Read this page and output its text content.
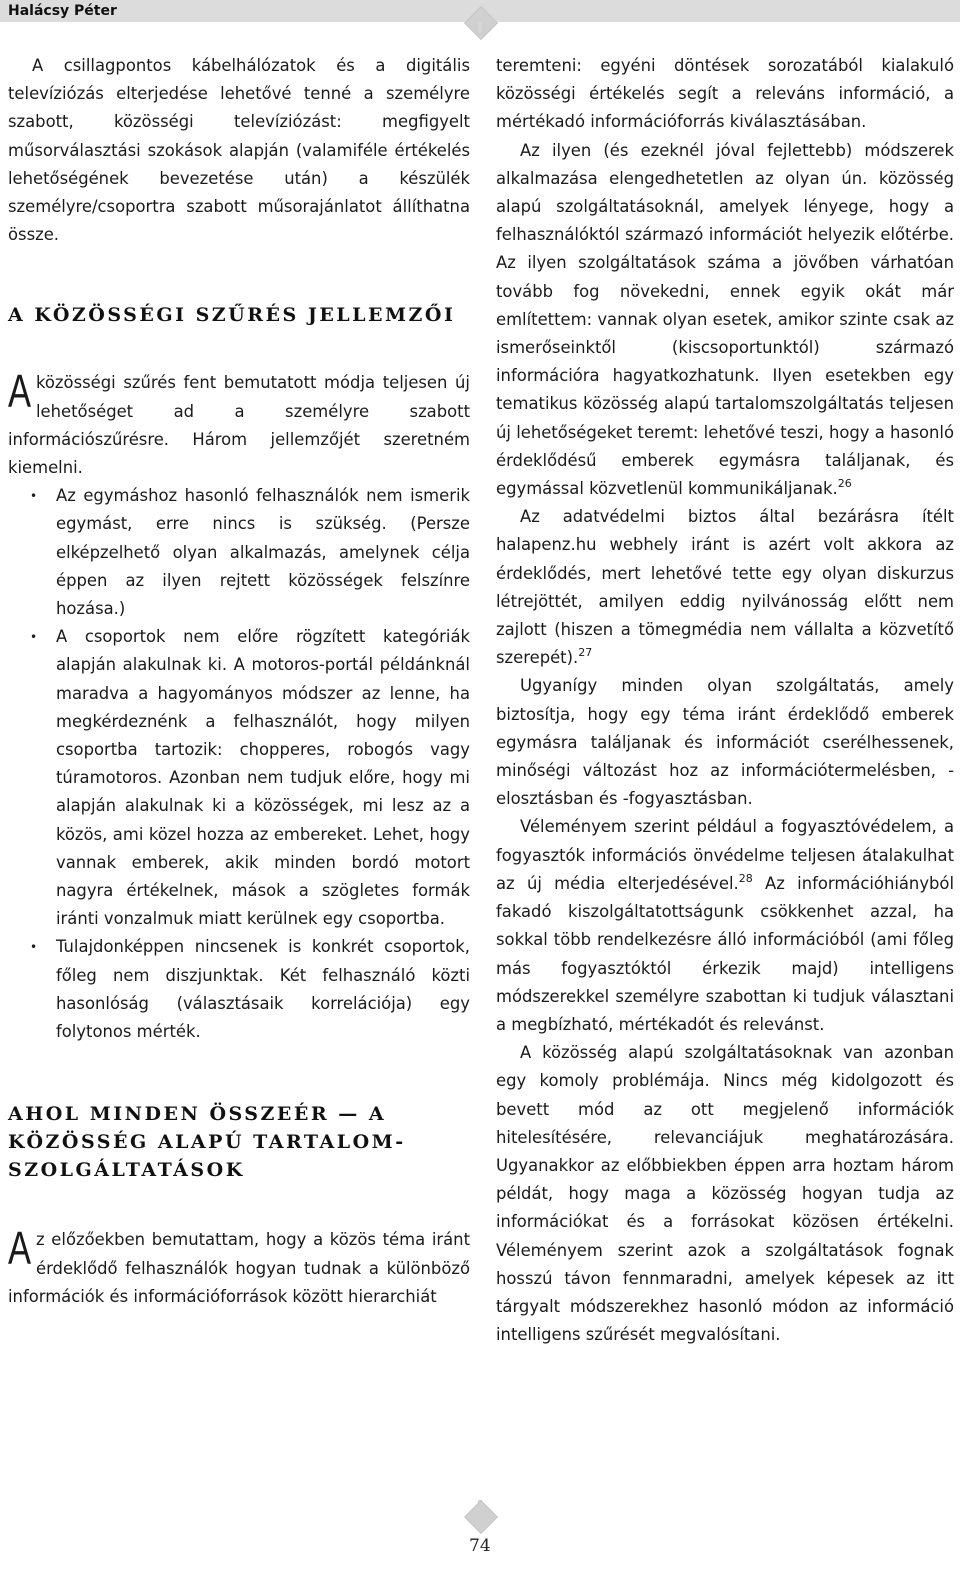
Halácsy Péter

A csillagpontos kábelhálózatok és a digitális televíziózás elterjedése lehetővé tenné a személyre szabott, közösségi televíziózást: megfigyelt műsorválasztási szokások alapján (valamiféle értékelés lehetőségének bevezetése után) a készülék személyre/csoportra szabott műsorajánlatot állíthatna össze.

A KÖZÖSSÉGI SZŰRÉS JELLEMZŐI

A közösségi szűrés fent bemutatott módja teljesen új lehetőséget ad a személyre szabott információszűrésre. Három jellemzőjét szeretném kiemelni.

• Az egymáshoz hasonló felhasználók nem ismerik egymást, erre nincs is szükség. (Persze elképzelhető olyan alkalmazás, amelynek célja éppen az ilyen rejtett közösségek felszínre hozása.)
• A csoportok nem előre rögzített kategóriák alapján alakulnak ki. A motoros-portál példánknál maradva a hagyományos módszer az lenne, ha megkérdeznénk a felhasználót, hogy milyen csoportba tartozik: chopperes, robogós vagy túramotoros. Azonban nem tudjuk előre, hogy mi alapján alakulnak ki a közösségek, mi lesz az a közös, ami közel hozza az embereket. Lehet, hogy vannak emberek, akik minden bordó motort nagyra értékelnek, mások a szögletes formák iránti vonzalmuk miatt kerülnek egy csoportba.
• Tulajdonképpen nincsenek is konkrét csoportok, főleg nem diszjunktak. Két felhasználó közti hasonlóság (választásaik korrelációja) egy folytonos mérték.
AHOL MINDEN ÖSSZEÉR — A KÖZÖSSÉG ALAPÚ TARTALOM-SZOLGÁLTATÁSOK

Az előzőekben bemutattam, hogy a közös téma iránt érdeklődő felhasználók hogyan tudnak a különböző információk és információforrások között hierarchiát

teremteni: egyéni döntések sorozatából kialakuló közösségi értékelés segít a releváns információ, a mértékadó információforrás kiválasztásában.

Az ilyen (és ezeknél jóval fejlettebb) módszerek alkalmazása elengedhetetlen az olyan ún. közösség alapú szolgáltatásoknál, amelyek lényege, hogy a felhasználóktól származó információt helyezik előtérbe. Az ilyen szolgáltatások száma a jövőben várhatóan tovább fog növekedni, ennek egyik okát már említettem: vannak olyan esetek, amikor szinte csak az ismerőseinktől (kiscsoportunktól) származó információra hagyatkozhatunk. Ilyen esetekben egy tematikus közösség alapú tartalomszolgáltatás teljesen új lehetőségeket teremt: lehetővé teszi, hogy a hasonló érdeklődésű emberek egymásra találjanak, és egymással közvetlenül kommunikáljanak.$^{26}$

Az adatvédelmi biztos által bezárásra ítélt halapenz.hu webhely iránt is azért volt akkora az érdeklődés, mert lehetővé tette egy olyan diskurzus létrejöttét, amilyen eddig nyilvánosság előtt nem zajlott (hiszen a tömegmédia nem vállalta a közvetítő szerepét).$^{27}$

Ugyanígy minden olyan szolgáltatás, amely biztosítja, hogy egy téma iránt érdeklődő emberek egymásra találjanak és információt cserélhessenek, minőségi változást hoz az információtermelésben, -elosztásban és -fogyasztásban.

Véleményem szerint például a fogyasztóvédelem, a fogyasztók információs önvédelme teljesen átalakulhat az új média elterjedésével.$^{28}$ Az információhiányból fakadó kiszolgáltatottságunk csökkenhet azzal, ha sokkal több rendelkezésre álló információból (ami főleg más fogyasztóktól érkezik majd) intelligens módszerekkel személyre szabottan ki tudjuk választani a megbízható, mértékadót és relevánst.

A közösség alapú szolgáltatásoknak van azonban egy komoly problémája. Nincs még kidolgozott és bevett mód az ott megjelenő információk hitelesítésére, relevanciájuk meghatározására. Ugyanakkor az előbbiekben éppen arra hoztam három példát, hogy maga a közösség hogyan tudja az információkat és a forrásokat közösen értékelni. Véleményem szerint azok a szolgáltatások fognak hosszú távon fennmaradni, amelyek képesek az itt tárgyalt módszerekhez hasonló módon az információ intelligens szűrését megvalósítani.

74
